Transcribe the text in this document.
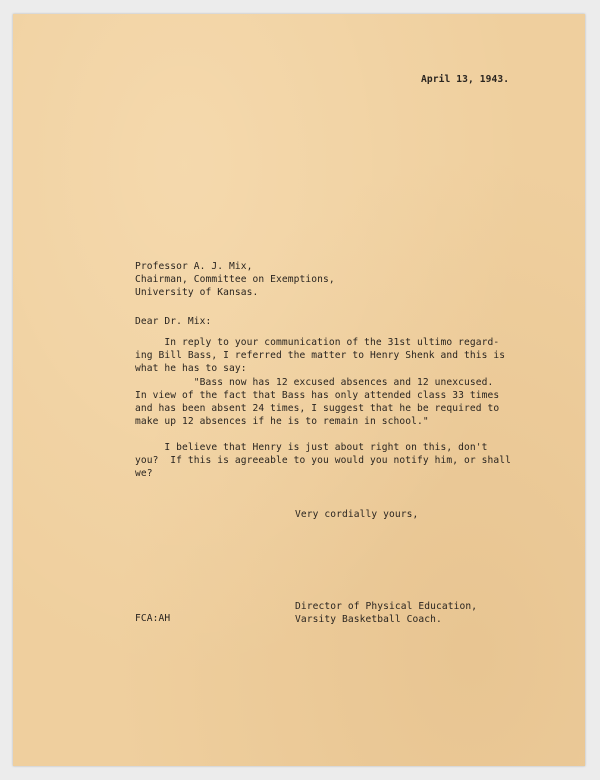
April 13, 1943.
Professor A. J. Mix,
Chairman, Committee on Exemptions,
University of Kansas.
Dear Dr. Mix:
In reply to your communication of the 31st ultimo regard-
ing Bill Bass, I referred the matter to Henry Shenk and this is
what he has to say:
"Bass now has 12 excused absences and 12 unexcused.
In view of the fact that Bass has only attended class 33 times
and has been absent 24 times, I suggest that he be required to
make up 12 absences if he is to remain in school."
I believe that Henry is just about right on this, don't
you?  If this is agreeable to you would you notify him, or shall
we?
Very cordially yours,
Director of Physical Education,
Varsity Basketball Coach.
FCA:AH
